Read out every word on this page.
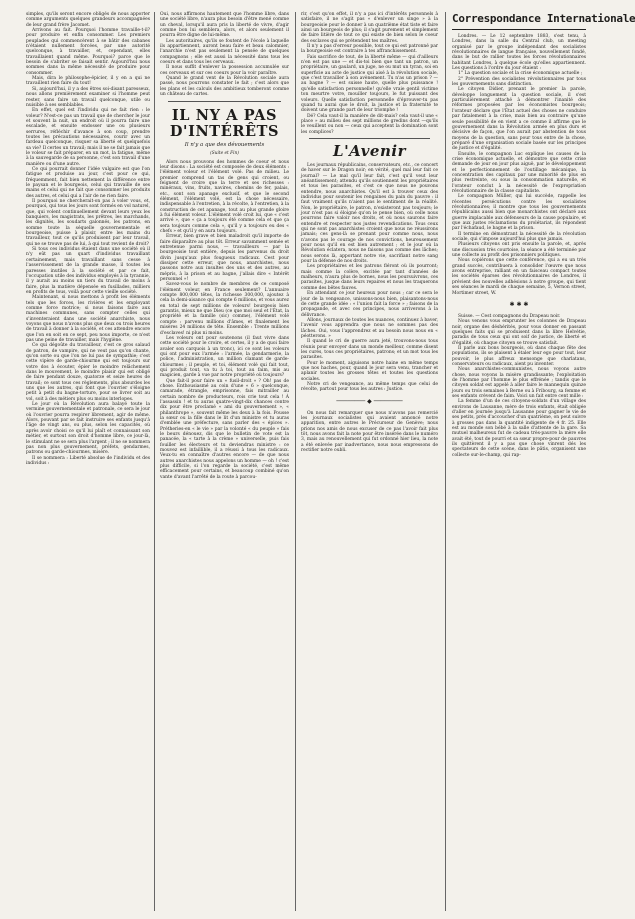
simples, qu'ils seront encore obligés de nous apporter comme arguments quelques grandeurs accompagnées de leur grand frère Jacomet.

Arrivons au fait. Pourquoi l'homme travaille-t-il? pour produire et enfin consommer. Les premiers peuplades qui commencèrent à se bâtir des cabanes n'étaient nullement forcées, par une autorité quelconque, à travailler, et, cependant, elles travaillaient quand même. Pourquoi? parce que le besoin de s'abriter se faisait sentir. Aujourd'hui nous sommes dans la même nécessité de produire pour consommer.

Mais, dira le philosophe-épicier, il y en a qui ne travaillent rien faire du tout!

Si, aujourd'hui, il y a des êtres soi-disant paresseux, nous allons premièrement examiner si l'homme peut rester, sans faire un travail quelconque, utile ou nuisible à ses semblables.

En effet, quel est l'individu qui ne fait rien : le voleur? N'est-ce pas un travail que de chercher le jour et souvent la nuit, un endroit où il pourra faire une escalade, et ensuite endosser une ou plusieurs serrures, réfléchir d'avance à son coup, prendre toutes les précautions nécessaires, courir avec un fardeau quelconque, risquer sa liberté et quelquefois sa vie? Il certes un travail; mais il ne se fait jamais que le voleur se fait préparer, en un mot, la fatigue, même à la sauvegarde de sa personne, c'est son travail d'une manière ou d'une autre.

Ce qui pourrait donner l'idée vulgaire est que l'on fatigue et produise au jour, c'est pour ce qui, fréquemment, fait bien nettement la différence entre le paysan et le bourgeois, celui qui travaille de ses mains et celui qui ne fait que consommer les produits des autres, et celui qui a l'air de ne rien faire.

Il pourquoi ne chercherait-on pas à voler vous, et, pourquoi, qui tous les jours sont formés en vol naturel, que, qui volent continuellement devant leurs yeux les banquiers, les magistrats, les prêtres, les marchands, les dignités, les soudarts galonnés, les patrons, en somme toute la séquelle gouvernementale et bourgeoise, puisse à plaisir, entre les mains du travailleur, tout ce qu'ils produisent par leur travail, qui ne se trouve pas de lui, à qui tout revient de droit?

Si tous ces individus étaient dans une société où il n'y eût pas un quart d'individus travaillant certainement, mais travaillant sans cesse à l'asservissement de la grande masse, il toutes les paresses inutiles à la société et par ce fait, l'occupation utile des individus employés à la tyrannie, il y aurait au moins un tiers du travail de moins à faire, plus la matière dépensée en fusillades, milliers en profits de tous, voilà pour cette vieille société.

Maintenant, si nous mettons à profit les éléments tels que les forces, les rivières et les employant comme force motrice; si nous faisons faire aux machines communes, sans compter celles qui s'inventeraient dans une société anarchiste, nous voyons que nous n'avons plus que deux ou trois heures de travail à donner à la société, et ces attendre encore que l'on en soit en ce sept, peu nous importe, ce n'est pas une peine de travailler, mais l'hygiène.

Ce qui dégoûte du travailleur, c'est ce gros salaud de patron, de vampire, qui ne veut pas qu'on chante, qu'on sorte ou que l'on ne lui pas de sympathie; c'est cette vipère de garde-chiourme qui est toujours sur votre dos à écouter, épier le moindre relâchement dans le mouvement, le moindre plaisir qui est obligé de faire pendant douze, quatorze et seize heures de travail; ce sont tous ces règlements, plus absurdes les uns que les autres, qui font que l'ouvrier s'éloigne petit à petit du bagne-torture, pour se livrer soit au vol, soit à des métiers plus ou moins interlopes.

Le jour où la Révolution aura balayé toute la vermine gouvernementale et patronale, ce sera le jour où l'ouvrier pourra respirer librement, agir de même. Alors, pouvant par se fait instruire ses enfants jusqu'à l'âge de vingt ans, ou plus, selon les capacités, où après avoir choisi ce qu'il lui plaît et connaissant son métier, et surtout son droit d'homme libre, ce jour-là, le stimulant ne se sera plus l'argent ; il ne se nommera pas non plus gouvernement, préfets, gendarmes, patrons ou garde-chiourmes, misère.

Il se nommera : Liberté absolue de l'individu et des individus :

Oui, nous affirmons hautement que l'homme libre, dans une société libre, n'aura plus besoin d'être mené comme un cheval, lorsqu'il aura pris la liberté de vivre, d'agir comme bon lui semblera, alors, et alors seulement il pourra être digne de lui-même.

Les autoritaires, qu'ils se foutent de l'école à laquelle ils appartiennent, auront beau faire et beau calomnier, l'anarchie n'est pas seulement la pensée de quelques compagnons ; elle est aussi la nécessité dans tous les coeurs et dans tous les cerveaux.

Il nous suffit d'enlever la possession accumulée sur ces cerveaux et sur ces coeurs pour la voir paraître.

Quand le grand vent de la Révolution sociale aura passé, nous pourrons constater le fait ; c'est alors que les plans et les calculs des ambitieux tomberont comme un château de cartes.

IL NY A PAS D'INTÉRÊTS
Il n'y a que des dévouements
(Suite et Fin)

Alors nous prouvons des hommes de coeur et nous leur disons : La société est composée de deux éléments : l'élément voleur et l'élément volé. Pas de milieu. Le premier comprend un tas de gens qui croient, ou feignent de croire que la terre et ses richesses : minéraux, vins, fruits, navires, chemins de fer, palais, etc., sont son apanage exclusif, et que le second élément, l'élément volé, est la chose nécessaire, indispensable à l'entretien, à la récolte, à l'entretien, à la construction de cet apanage, tout au plus grande gloire à fui élément voleur. L'élément volé croit lui, que « c'est arrivé », que « ça a toujours été comme cela et que ça sera toujours comme cela », qu'il y a toujours eu des « chefs » et qu'il y en aura toujours.

Erreur, bien grave et bien maladroit qu'il importe de faire disparaître au plus tôt. Erreur savamment semée et entretenue parmi nous, — travailleurs — par la bourgeoisie tout entière, depuis les parvenus du droit divin jusqu'aux plus fougueux radicaux. Cest pour dissiper cette erreur, que nous, anarchistes, nous passons notre aux insultes des uns et des autres, au mépris, à la prison et au bagne, j'allais dire « Intérêt personnel »!

Savez-vous le nombre de membres de ce composé l'élément voleur, en France seulement? L'annuaire compte 800,000 têtes, la richesse 300,000, ajoutez à cela la demi-aisance qui compte 6 millions, et vous aurez en total de sept millions de voleurs! bourgeois bien garantis, mieux ne que Dieu (ce que moi seul et l'État, la propriété et la famille (sic) comme), l'élément volé compte : parvenu millions d'âmes, et finalement les misères 24 millions de tête. Ensemble : Trente millions d'esclaves! ni plus ni moins.

Les voleurs ont pour soutenons (il faut vivre dans cette société pour le croire, et certes, il y a de quoi faire avaler son carquois à un tronc), ici ce sont les voleurs qui ont pour eux l'armée : l'armée, la gendarmerie, la police, l'administration, un million clamant de garde-chiourmes ; il peuple, et toi, élément volé qui fait tout, qui produit tout, va tu à toi, tout au faim, mis au magicien, garde à vue par notre propriété où toujours?

Que fait-il pour faire un « fusil-droit » ? Oh! pas de chose. Enthousiasmé au coin d'une « 6 » quelconque, camarade, étrangle, emprisonne, fais mitrailler au certain nombre de producteurs, rois crie tout cela ! À l'assassin ! et tu auras quatre-vingt-dix chances contre dix pour être proclamé « ami du gouvernement », « philanthrope », souvent même les deux à la fois. Pousse la sœur ou la fille dans le lit d'un ministre et tu auras d'emblée une préfecture, sans parler des « épices ». Prétheries-en « le vie » par la volonté « du peuple » fais le beurs dénouez, dis que le bulletin de vote est la panacée, la « tarte à la crème » universelle, puis fais fouiller les électeurs et tu deviendras ministre : ce mouvez est infaillible, il a réussi à tous les radicaux. Veux-tu en connaître d'autres encore — de que nous autres anarchistes nous appelons un homme — oh ! c'est plus difficile, si l'on regarde la société, c'est même efficacement pour certains, et beaucoup combiné qu'on vante d'avant l'arrêté de la route à parcou-

rir, c'est qu'on effet, il n'y a pas ici d'intérêts personnels à satisfaire, il ne s'agit pas « d'enlever un singe » à la bourgeoisie pour le donner à un quatrième état tiste et faire ainsi un bourgeois de plus; il s'agit purement et simplement de faire litière de tout ce qui existe de bien selon le coeur des esclaves qui se prétendent tes maîtres.

Il n'y a pas d'erreur possible, tout ce qui est patronné par la bourgeoisie est contraire à tes affranchissement.

Fais sacrifice de tout, de la liberté même — qui d'ailleurs n'en est pas une — et dis-toi bien que tant un patron, un propriétaire, un gaulard, un juge, ne ou mut un tyran, soi en superficie au acte de justice qui aisé à la révolution sociale, que c'est travailler à son avènement. Tu n'as un prison ? — au bagne ? — est suisse haute, quelle plus puissance ! qu'elle satisfaction personnelle! qu'elle vraie gentil victime ton meurtre votre, mouiller toujours, le fut puissant des voleurs. Quelle satisfaction personnelle d'éprouver-tu pas quand tu aurai que le droit, la justice et la fraternité te doivent une grande part de leur triomphe !

Dé? Cela vaut-il la manière de dit-mais? cela vaut-il une « place » au milieu des sept millions de gredins dont —qu'ils le veuillent ou non — ceux qui acceptent la domination sont les complices?

L'Avenir

Les journaux républicains, conservateurs, etc., ce concert de haver sur le Dragon noir; en vérité, quel mal leur fait ce journal? — Le mal qu'il leur fait, c'est qu'il veut leur anéantissement; attendu qu'ils soutiennent les propriétaires et tous les parasites, et c'est ce que nous ne pouvons entendre, nous anarchistes. Qu'il est à trouver ceux des individus pour soutenir les rengaines du pain du pauvre : il faut vraiment qu'ils n'aient pas le sentiment de la réalité. Non, le propriétaire, le patron, n'existeront pas toujours; le jour n'est pas si éloigné qu'on le pense bien, où celle nous pourrons faire valoir nos droits, et où nous saurons faire entendre et respecter nos justes revendications. Tous ceux qui ne sont pas anarchistes croient que nous ne réussirons jamais; ces gens-là se prenant pour comme nous, nous n'avons pas le courage de nos convictions, heureusement pour nous qu'il en est bien autrement ; et le jour où la Révolution éclatera, nous ne faisons pas comme des lâches; nous serons là, apportant notre vie, sacrifiant notre sang pour la défense de nos droits.

Les propriétaires et les patrons fléront où ils pourront; mais comme la colère, excitée par tant d'années de malheurs, n'aura plus de bornes, nous les poursuivrons, ces parasites, jusque dans leurs repaires et nous les traquerons comme des bêtes fauves.

En attendant ce jour heureux pour nous ; car ce sera le jour de la vengeance, unissons-nous bien, plaisantons-nous de cette grande idée : « l'union fait la force » ; faisons de la propagande, et avec ces principes, nous arriverons à la délivrance.

Allons, journaux de toutes les nuances, continuez à baver, l'avenir vous apprendra que nous ne sommes pas des lâches. Oui, vous l'apprendrez et au besoin nous nous en « péotterons. »

Il quand le cri de guerre aura jeté, trouvons-nous tous réunis pour envoyer dans un monde meilleur, comme disent les curés, tous ces propriétaires, patrons; et un mot tous les parasites.

Pour le moment, aiguisons notre haine en même temps que nos haches, pour, quand le jour sera venu, trancher et aplanir toutes les grosses têtes et toutes les questions sociales.

Notre cri de vengeance, au même temps que celui de révolte, partout pour tous les autres : Justice.

──────── ◆ ────────

On nous fait remarquer que nous n'avons pas remercié les journaux socialistes qui avaient annoncé notre apparition, entre autres le Précurseur de Genève; nous prions nos amis de nous excuser de ce pas l'avoir fait plus tôt, nous avons fait la note pour être insérée dans le numéro 3, mais au renouvellement qui fut ordonné hier lieu, la note a été enlevée par inadvertance, nous nous empressons de rectifier notre oubli.

Correspondance Internationale

Londres. — Le 12 septembre 1883, s'est tenu, à Londres, dans la salle du Central club, un meeting organisé par le groupe indépendant des socialistes révolutionnaires de langue française, nouvellement fondé, dans le but de rallier toutes les forces révolutionnaires habitant Londres, à quelque école qu'elles appartiennent. Les questions à l'ordre du jour étaient :

1° La question sociale et la crise économique actuelle ;

2° Prévention des socialistes révolutionnaires par tous les gouvernements sans distinction.

Le citoyen Didier, prenant le premier la parole, développe longuement la question sociale, il s'est particulièrement attaché à démontrer l'inanité des réformes proposées par les économistes bourgeois; l'orateur déclare que l'État actuel des choses ne conduire par fatalement à la crise, mais bien au contraire qu'une seule possibilité de en vient a ce comme il affirme que le gouvernement dans la Révolution armée en plus durs et décisive de façon, que l'on aurait par abstention de tous moyens de la question, sans pour tous entre de la chose, préparé d'une organisation sociale basée sur les principes de justice et d'égalité.

Ensuite, le compagnon Luc explique les causes de la crise économique actuelle, et démontre que cette crise demande de jour en jour plus aiguë, par le développement et le perfectionnement de l'outillage mécanique, la concentration des capitaux par une minorité de plus en plus restreinte, ou sous la consommation naturelle, et l'orateur conclut à la nécessité de l'expropriation révolutionnaire de la classe capitaliste.

Le compagnon Müller, qui lui succède, rappelle les récentes persécutions contre les socialistes révolutionnaires; il montre que tous les gouvernements républicains aussi bien que monarchistes ont déclaré aux guerre implacable aux défenseurs de la cause populaire, et que aux justes réclamations du prolétariat, ils répondent par l'échafaud, le bagne et la prison.

Il termine en démontrant la nécessité de la révolution sociale, qui s'impose aujourd'hui plus que jamais.

Plusieurs citoyens ont pris ensuite la parole, et, après une discussion très courtoise, la séance a été terminée par une collecte au profit des prisonniers politiques.

Nous copiérons que cette conférence, qui a eu un très grand succès, contribuera à consolider l'œuvre que nous avons entreprise, ralliant en un faisceau compact toutes les sociétés éparses des révolutionnaires de Londres, il prévient des nouvelles adhésions à notre groupe, qui tient ses séances le mardi de chaque semaine, 5, Vernon street, Mortimer street, W.

✱ ✱ ✱

Suisse. — Cest compagnons du Drapeau noir.

Nous venons vous emprunter les colonnes de Drapeau noir, organe des déshérités, pour vous donner en passant quelques faits qui se produisent dans la libre Helvétie, paradis de tous ceux qui ont soif de justice, de liberté et d'égalité, où chaque citoyen se trouve satisfait.

Il parle aux bons bourgeois, où dans chaque fête des populations, ils se plaisent à étaler leur ego pour tout, leur pouvoir, le plus affreux mensonge que charlatans, conservateurs ou radicaux, aient pu inventer.

Nous anarchistes-communistes, nous voyons autre chose, nous voyons la misère grandissante; l'exploitation de l'homme par l'homme le plus effrénée ; tandis que le citoyen soldat est appelé à aller faire le mannequin quinze jours ou trois semaines à Berne ou à Fribourg, sa femme et ses enfants crèvent de faim. Voici un fait entre cent mille :

La femme d'un de ces citoyens-soldats d'un village des environs de Lausanne, mère de trois enfants, était obligée d'aller en journée jusqu'à Lausanne pour gagner le vie de ses petits, près d'accoucher d'un quatrième, on peut suivre à grosses pas dans la quantité indigente de 4 fr. 25. Elle est au monde son bébé à la salle d'attente de la gare. Sa mutuel malheureux fut de cadeau très-pauvre la mère elle avait été, tout de pourri et sa sœur propre-pour de pauvres ils quittèrent il y a pas que chose vinrent dés les spectateurs de cette scène, dans le pâtis, organisent une collecte sur-le-champ, qui rap-
